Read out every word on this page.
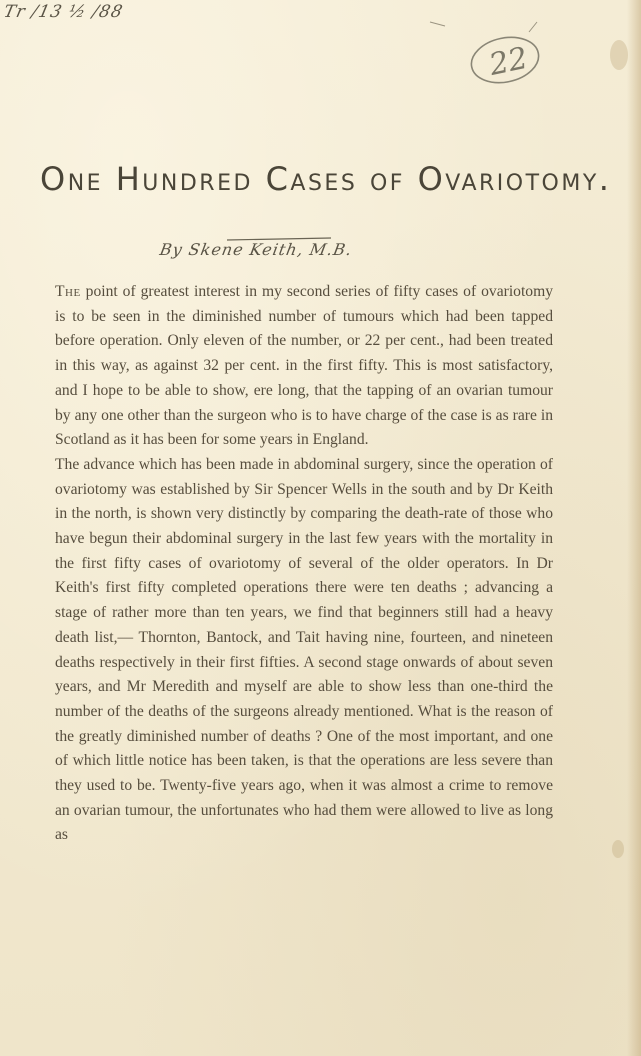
Tr /13 ½ /88
22
One Hundred Cases of Ovariotomy.
By Skene Keith, M.B.

The point of greatest interest in my second series of fifty cases of ovariotomy is to be seen in the diminished number of tumours which had been tapped before operation. Only eleven of the number, or 22 per cent., had been treated in this way, as against 32 per cent. in the first fifty. This is most satisfactory, and I hope to be able to show, ere long, that the tapping of an ovarian tumour by any one other than the surgeon who is to have charge of the case is as rare in Scotland as it has been for some years in England.

The advance which has been made in abdominal surgery, since the operation of ovariotomy was established by Sir Spencer Wells in the south and by Dr Keith in the north, is shown very distinctly by comparing the death-rate of those who have begun their abdominal surgery in the last few years with the mortality in the first fifty cases of ovariotomy of several of the older operators. In Dr Keith's first fifty completed operations there were ten deaths ; advancing a stage of rather more than ten years, we find that beginners still had a heavy death list,— Thornton, Bantock, and Tait having nine, fourteen, and nineteen deaths respectively in their first fifties. A second stage onwards of about seven years, and Mr Meredith and myself are able to show less than one-third the number of the deaths of the surgeons already mentioned. What is the reason of the greatly diminished number of deaths ? One of the most important, and one of which little notice has been taken, is that the operations are less severe than they used to be. Twenty-five years ago, when it was almost a crime to remove an ovarian tumour, the unfortunates who had them were allowed to live as long as
